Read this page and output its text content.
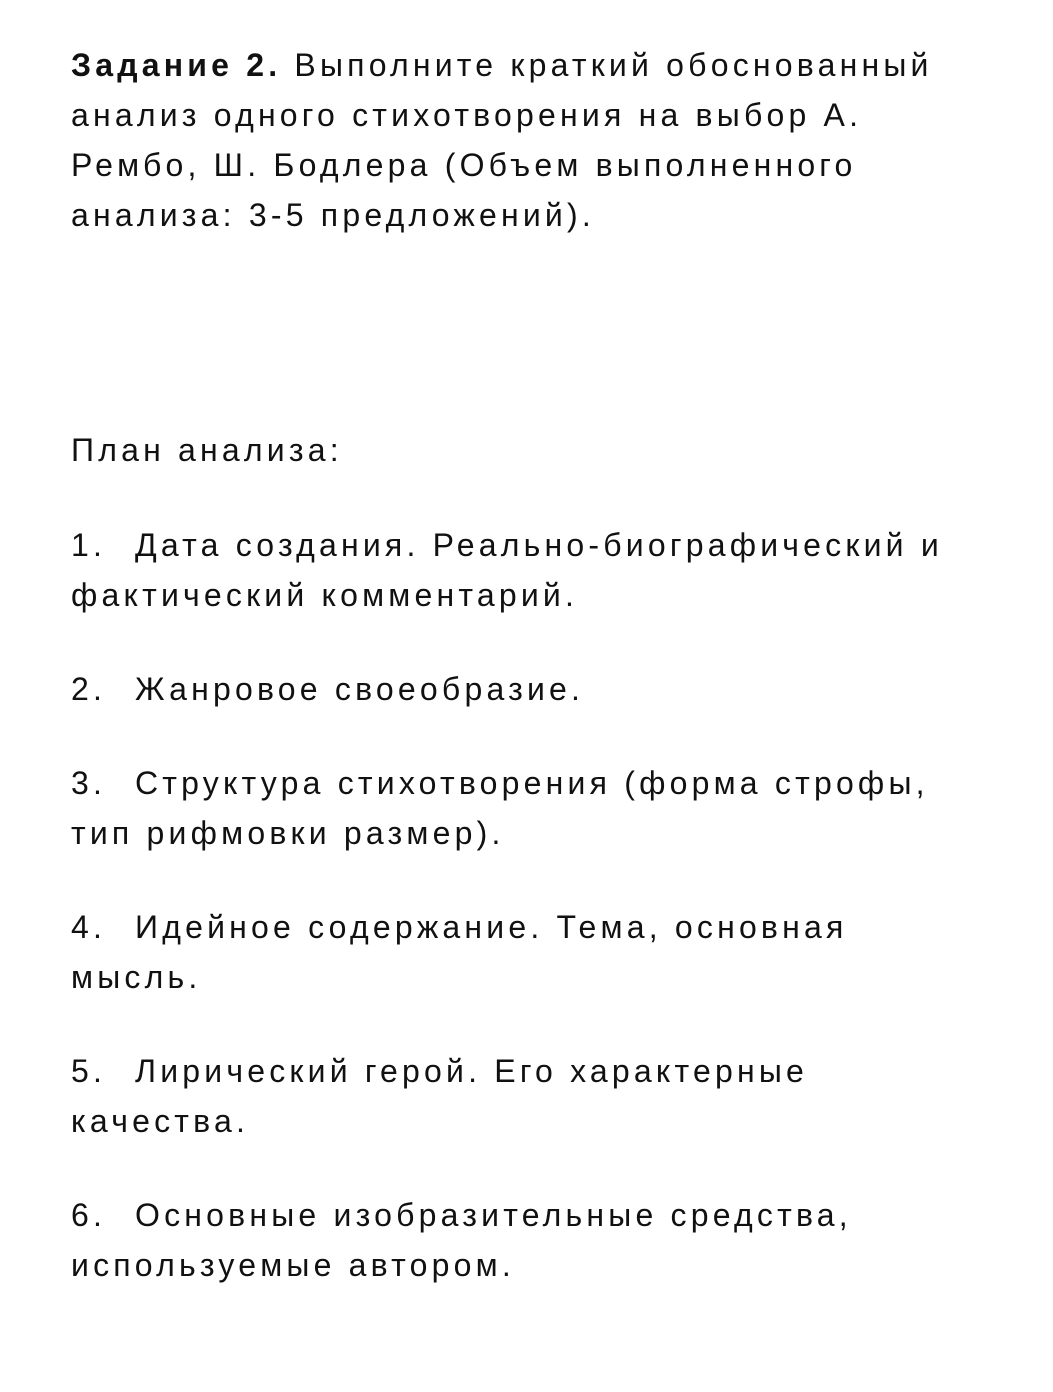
Задание 2. Выполните краткий обоснованный анализ одного стихотворения на выбор А. Рембо, Ш. Бодлера (Объем выполненного анализа: 3-5 предложений).

План анализа:

1. Дата создания. Реально-биографический и фактический комментарий.
2. Жанровое своеобразие.
3. Структура стихотворения (форма строфы, тип рифмовки размер).
4. Идейное содержание. Тема, основная мысль.
5. Лирический герой. Его характерные качества.
6. Основные изобразительные средства, используемые автором.
